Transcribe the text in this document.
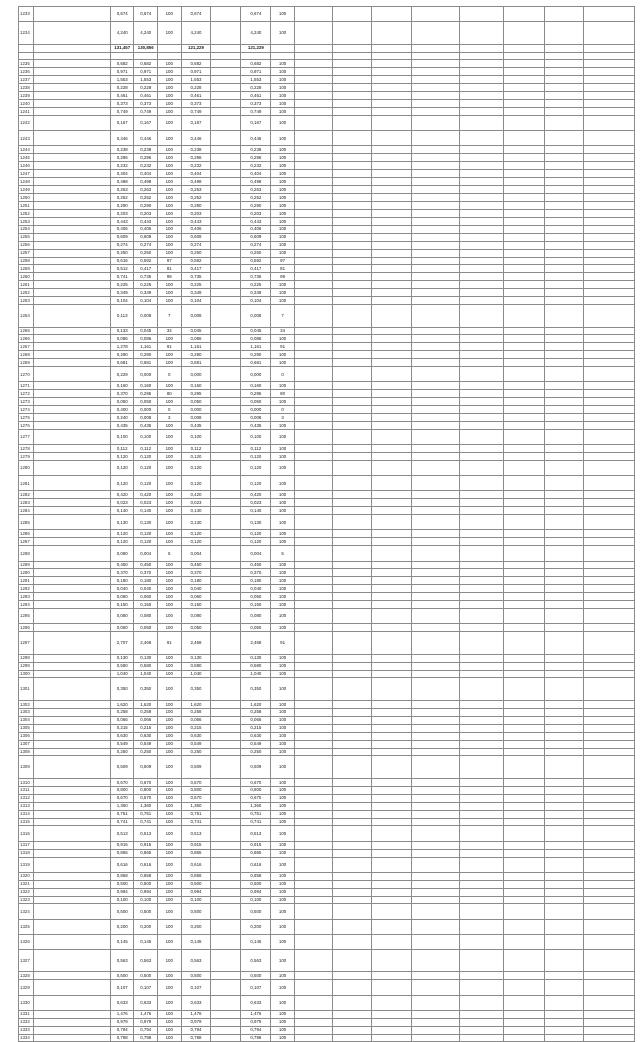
1233		0,674	0,674	100	0,674		0,674	100								
1234		4,240	4,240	100	4,240		4,240	100								
		131,457	130,856		121,229		121,229									

1235		0,682	0,682	100	0,682		0,682	100								
1236		0,971	0,971	100	0,971		0,971	100								
1237		1,553	1,553	100	1,553		1,553	100								
1238		0,228	0,228	100	0,228		0,228	100								
1239		0,461	0,461	100	0,461		0,461	100								
1240		0,373	0,373	100	0,373		0,373	100								
1241		0,749	0,749	100	0,749		0,749	100								
1242		0,167	0,167	100	0,167		0,167	100								
1243		0,446	0,446	100	0,446		0,446	100								
1244		0,238	0,238	100	0,238		0,238	100								
1245		0,296	0,296	100	0,296		0,296	100								
1246		0,232	0,232	100	0,232		0,232	100								
1247		0,404	0,404	100	0,404		0,404	100								
1248		0,498	0,498	100	0,498		0,498	100								
1249		0,263	0,263	100	0,263		0,263	100								
1250		0,252	0,252	100	0,252		0,252	100								
1251		0,290	0,290	100	0,290		0,290	100								
1252		0,203	0,203	100	0,203		0,203	100								
1253		0,443	0,443	100	0,443		0,443	100								
1254		0,406	0,406	100	0,406		0,406	100								
1255		0,609	0,609	100	0,609		0,609	100								
1256		0,274	0,274	100	0,274		0,274	100								
1257		0,250	0,250	100	0,250		0,250	100								
1258		0,616	0,592	97	0,592		0,592	97								
1259		0,512	0,417	81	0,417		0,417	81								
1260		0,741	0,735	99	0,735		0,735	99								
1261		0,225	0,225	100	0,225		0,225	100								
1262		0,349	0,349	100	0,349		0,349	100								
1263		0,104	0,104	100	0,104		0,104	100								
1264		0,113	0,008	7	0,008		0,008	7								
1265		0,133	0,045	34	0,045		0,045	34								
1266		0,086	0,086	100	0,086		0,086	100								
1267		1,278	1,161	91	1,161		1,161	91								
1268		0,290	0,290	100	0,290		0,290	100								
1269		0,681	0,681	100	0,681		0,681	100								
1270		0,229	0,000	0	0,000		0,000	0								
1271		0,160	0,160	100	0,160		0,160	100								
1272		0,370	0,295	80	0,295		0,295	80								
1273		0,050	0,050	100	0,050		0,050	100								
1274		0,400	0,000	0	0,000		0,000	0								
1275		0,240	0,008	3	0,008		0,008	3								
1276		0,435	0,435	100	0,435		0,435	100								
1277		0,100	0,100	100	0,100		0,100	100								
1278		0,112	0,112	100	0,112		0,112	100								
1279		0,120	0,120	100	0,120		0,120	100								
1280		0,120	0,120	100	0,120		0,120	100								
1281		0,120	0,120	100	0,120		0,120	100								
1282		0,420	0,420	100	0,420		0,420	100								
1283		0,023	0,023	100	0,023		0,023	100								
1284		0,140	0,140	100	0,140		0,140	100								
1285		0,130	0,130	100	0,130		0,130	100								
1286		0,120	0,120	100	0,120		0,120	100								
1287		0,120	0,120	100	0,120		0,120	100								
1288		0,080	0,004	5	0,004		0,004	5								
1289		0,450	0,450	100	0,450		0,450	100								
1290		0,370	0,370	100	0,370		0,370	100								
1291		0,180	0,180	100	0,180		0,180	100								
1292		0,040	0,040	100	0,040		0,040	100								
1293		0,060	0,060	100	0,060		0,060	100								
1294		0,150	0,150	100	0,150		0,150	100								
1295		0,080	0,080	100	0,080		0,080	100								
1296		0,050	0,050	100	0,050		0,050	100								
1297		2,707	2,468	91	2,468		2,468	91								
1298		0,130	0,130	100	0,130		0,130	100								
1299		0,580	0,580	100	0,580		0,580	100								
1300		1,040	1,040	100	1,040		1,040	100								
1301		0,350	0,350	100	0,350		0,350	100								
1302		1,620	1,620	100	1,620		1,620	100								
1303		0,258	0,258	100	0,258		0,258	100								
1304		0,066	0,066	100	0,066		0,066	100								
1305		0,215	0,215	100	0,215		0,215	100								
1306		0,630	0,630	100	0,630		0,630	100								
1307		0,549	0,549	100	0,549		0,549	100								
1308		0,250	0,250	100	0,250		0,250	100								
1309		0,509	0,509	100	0,509		0,509	100								
1310		0,670	0,670	100	0,670		0,670	100								
1311		0,800	0,800	100	0,800		0,800	100								
1312		0,670	0,670	100	0,670		0,670	100								
1313		1,360	1,360	100	1,360		1,360	100								
1314		0,751	0,751	100	0,751		0,751	100								
1315		0,741	0,741	100	0,741		0,741	100								
1316		0,513	0,513	100	0,513		0,513	100								
1317		0,915	0,915	100	0,915		0,915	100								
1318		0,865	0,865	100	0,865		0,865	100								
1319		0,616	0,616	100	0,616		0,616	100								
1320		0,858	0,858	100	0,858		0,858	100								
1321		0,500	0,500	100	0,500		0,500	100								
1322		0,994	0,994	100	0,994		0,994	100								
1323		0,100	0,100	100	0,100		0,100	100								
1324		0,500	0,500	100	0,500		0,500	100								
1325		0,200	0,200	100	0,200		0,200	100								
1326		0,145	0,145	100	0,145		0,145	100								
1327		0,563	0,563	100	0,563		0,563	100								
1328		0,500	0,500	100	0,500		0,500	100								
1329		0,107	0,107	100	0,107		0,107	100								
1330		0,633	0,633	100	0,633		0,633	100								
1331		1,476	1,476	100	1,476		1,476	100								
1332		0,979	0,979	100	0,979		0,979	100								
1333		0,794	0,794	100	0,794		0,794	100								
1334		0,798	0,798	100	0,798		0,798	100								
